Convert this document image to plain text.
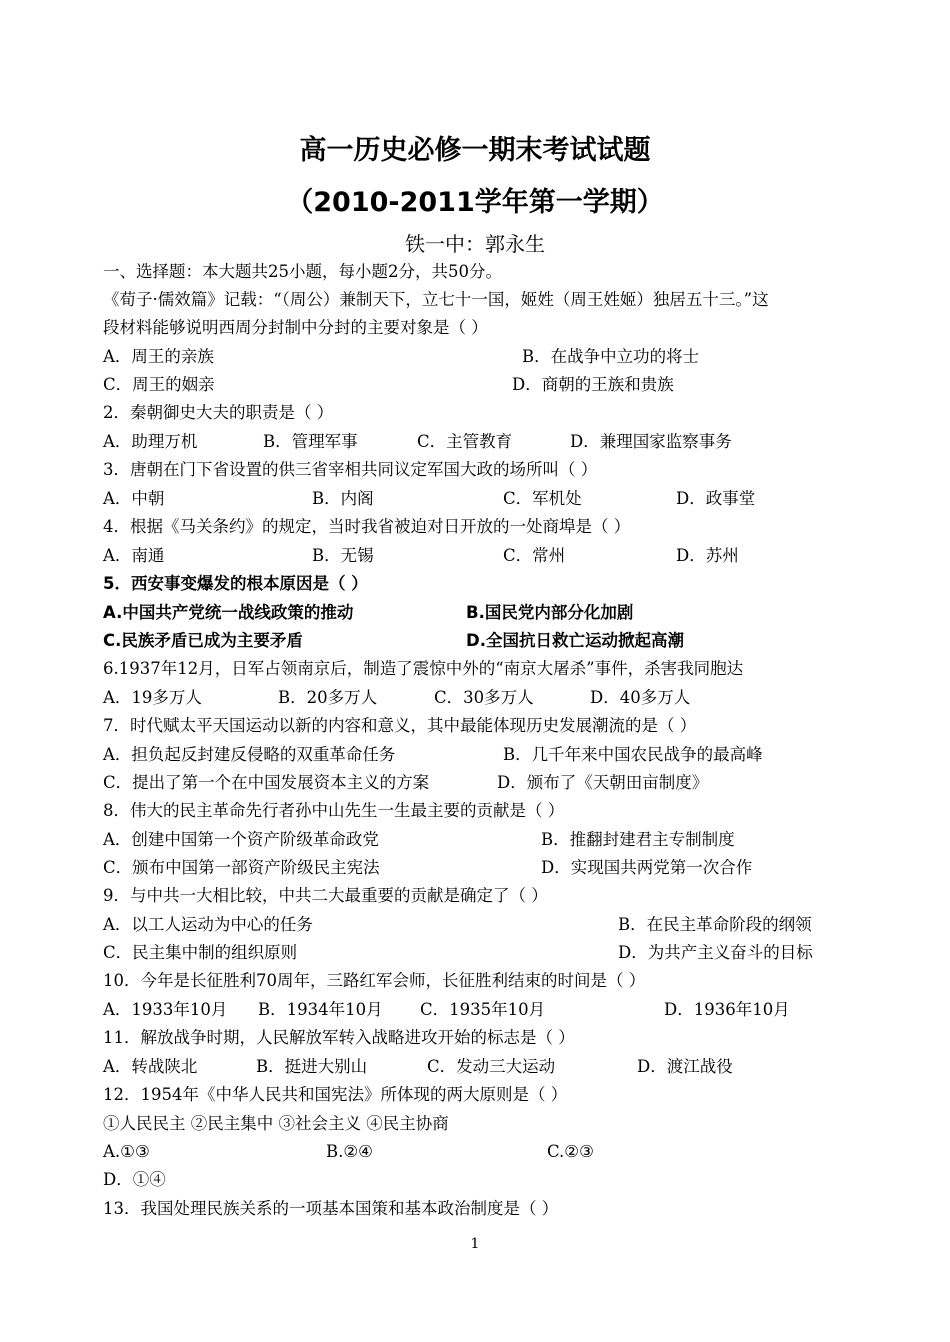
高一历史必修一期末考试试题
（2010-2011学年第一学期）
铁一中：郭永生
一、选择题：本大题共25小题，每小题2分，共50分。
《荀子·儒效篇》记载：“（周公）兼制天下，立七十一国，姬姓（周王姓姬）独居五十三。”这
段材料能够说明西周分封制中分封的主要对象是（ ）
A．周王的亲族	B．在战争中立功的将士
C．周王的姻亲	D．商朝的王族和贵族
2．秦朝御史大夫的职责是（ ）
A．助理万机	B．管理军事	C．主管教育	D．兼理国家监察事务
3．唐朝在门下省设置的供三省宰相共同议定军国大政的场所叫（ ）
A．中朝	B．内阁	C．军机处	D．政事堂
4．根据《马关条约》的规定，当时我省被迫对日开放的一处商埠是（ ）
A．南通	B．无锡	C．常州	D．苏州
5．西安事变爆发的根本原因是（ ）
A.中国共产党统一战线政策的推动	B.国民党内部分化加剧
C.民族矛盾已成为主要矛盾	D.全国抗日救亡运动掀起高潮
6.1937年12月，日军占领南京后，制造了震惊中外的“南京大屠杀”事件，杀害我同胞达
A．19多万人	B．20多万人	C．30多万人	D．40多万人
7．时代赋太平天国运动以新的内容和意义，其中最能体现历史发展潮流的是（ ）
A．担负起反封建反侵略的双重革命任务	B．几千年来中国农民战争的最高峰
C．提出了第一个在中国发展资本主义的方案	D．颁布了《天朝田亩制度》
8．伟大的民主革命先行者孙中山先生一生最主要的贡献是（ ）
A．创建中国第一个资产阶级革命政党	B．推翻封建君主专制制度
C．颁布中国第一部资产阶级民主宪法	D．实现国共两党第一次合作
9．与中共一大相比较，中共二大最重要的贡献是确定了（ ）
A．以工人运动为中心的任务	B．在民主革命阶段的纲领
C．民主集中制的组织原则	D．为共产主义奋斗的目标
10．今年是长征胜利70周年，三路红军会师，长征胜利结束的时间是（ ）
A．1933年10月 B．1934年10月 C．1935年10月	D．1936年10月
11．解放战争时期，人民解放军转入战略进攻开始的标志是（ ）
A．转战陕北	B．挺进大别山	C．发动三大运动	D．渡江战役
12．1954年《中华人民共和国宪法》所体现的两大原则是（ ）
①人民民主 ②民主集中 ③社会主义 ④民主协商
A.①③	B.②④	C.②③
D．①④
13．我国处理民族关系的一项基本国策和基本政治制度是（ ）
1
